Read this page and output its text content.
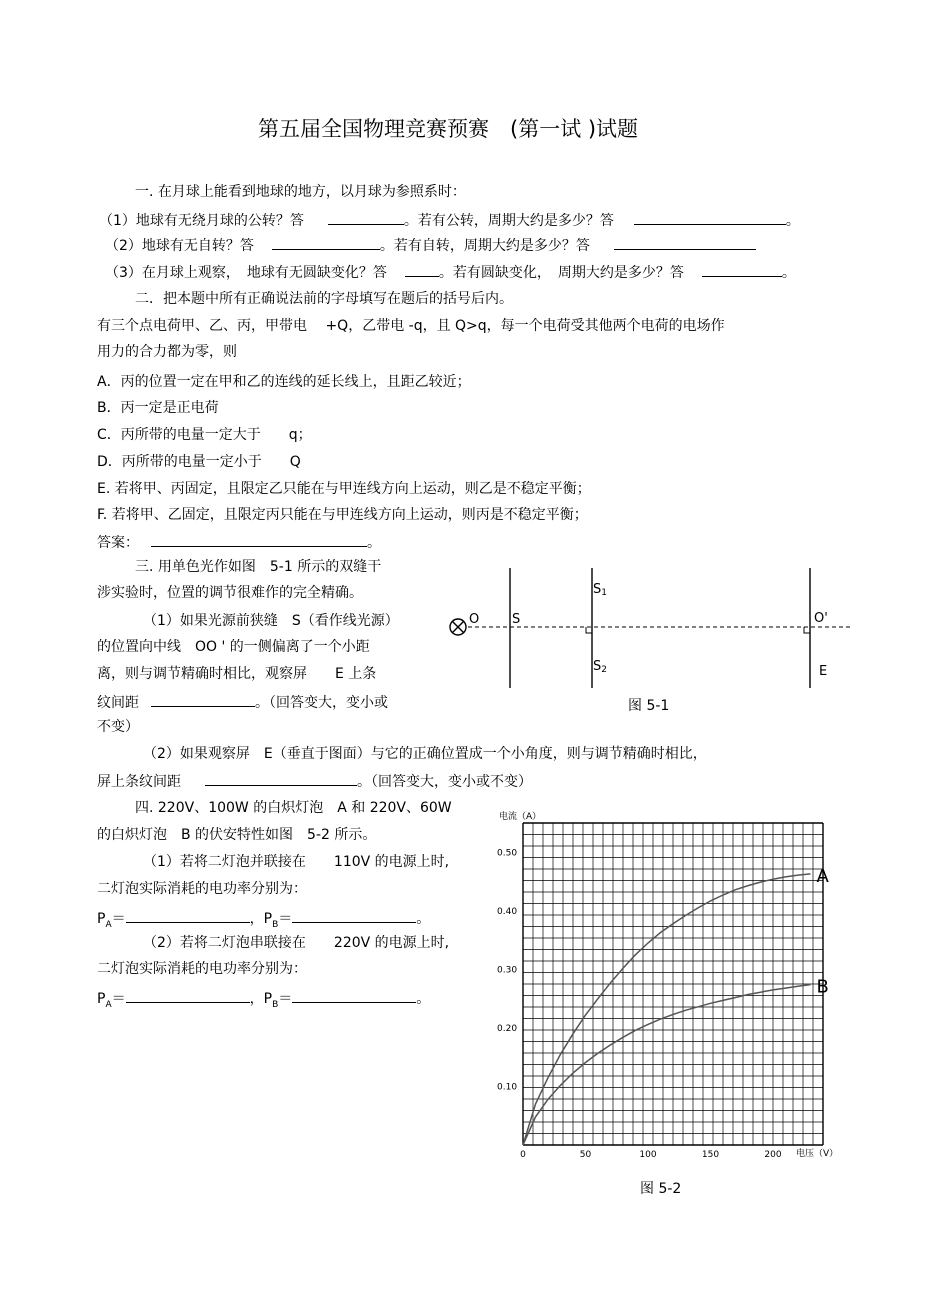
第五届全国物理竞赛预赛　(第一试 )试题
一. 在月球上能看到地球的地方，以月球为参照系时：
（1）地球有无绕月球的公转？答	。若有公转，周期大约是多少？答	。
（2）地球有无自转？答	。若有自转，周期大约是多少？答
（3）在月球上观察，　地球有无圆缺变化？答	。若有圆缺变化，　周期大约是多少？答	。
二．把本题中所有正确说法前的字母填写在题后的括号后内。
有三个点电荷甲、乙、丙，甲带电　 +Q，乙带电 -q，且 Q>q，每一个电荷受其他两个电荷的电场作
用力的合力都为零，则
A．丙的位置一定在甲和乙的连线的延长线上，且距乙较近；
B．丙一定是正电荷
C．丙所带的电量一定大于　　q；
D．丙所带的电量一定小于　　Q
E. 若将甲、丙固定，且限定乙只能在与甲连线方向上运动，则乙是不稳定平衡；
F. 若将甲、乙固定，且限定丙只能在与甲连线方向上运动，则丙是不稳定平衡；
答案：	。
三. 用单色光作如图　5-1 所示的双缝干
涉实验时，位置的调节很难作的完全精确。
（1）如果光源前狭缝　S（看作线光源）
的位置向中线　OO ' 的一侧偏离了一个小距
离，则与调节精确时相比，观察屏　　E 上条
纹间距	。（回答变大，变小或
不变）
（2）如果观察屏　E（垂直于图面）与它的正确位置成一个小角度，则与调节精确时相比，
屏上条纹间距	。（回答变大，变小或不变）
O	S
S1
S2
O'
E
图 5-1
四. 220V、100W 的白炽灯泡　A 和 220V、60W
的白炽灯泡　B 的伏安特性如图　5-2 所示。
（1）若将二灯泡并联接在　　110V 的电源上时,
二灯泡实际消耗的电功率分别为：
$P_A=$	，$P_B=$	。
（2）若将二灯泡串联接在　　220V 的电源上时,
二灯泡实际消耗的电功率分别为：
$P_A=$	，$P_B=$	。
0	50	100	150	200
0.10
0.20
0.30
0.40
0.50
A
B
电流（A）
电压（V）
图 5-2
